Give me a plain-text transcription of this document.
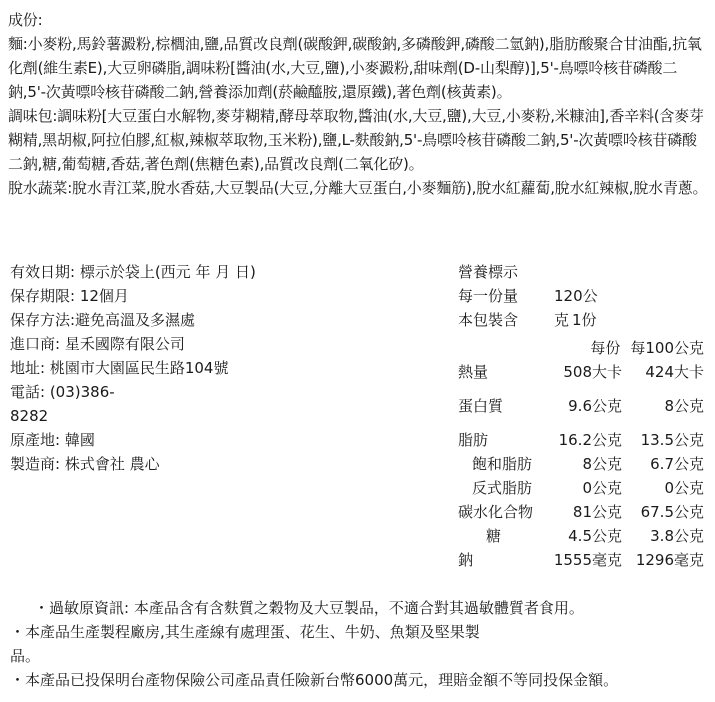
成份:

麵:小麥粉,馬鈴薯澱粉,棕櫚油,鹽,品質改良劑(碳酸鉀,碳酸鈉,多磷酸鉀,磷酸二氫鈉),脂肪酸聚合甘油酯,抗氧化劑(維生素E),大豆卵磷脂,調味粉[醬油(水,大豆,鹽),小麥澱粉,甜味劑(D-山梨醇)],5'-鳥嘌呤核苷磷酸二鈉,5'-次黃嘌呤核苷磷酸二鈉,營養添加劑(菸鹼醯胺,還原鐵),著色劑(核黃素)。

調味包:調味粉[大豆蛋白水解物,麥芽糊精,酵母萃取物,醬油(水,大豆,鹽),大豆,小麥粉,米糠油],香辛料(含麥芽糊精,黑胡椒,阿拉伯膠,紅椒,辣椒萃取物,玉米粉),鹽,L-麩酸鈉,5'-鳥嘌呤核苷磷酸二鈉,5'-次黃嘌呤核苷磷酸二鈉,糖,葡萄糖,香菇,著色劑(焦糖色素),品質改良劑(二氧化矽)。

脫水蔬菜:脫水青江菜,脫水香菇,大豆製品(大豆,分離大豆蛋白,小麥麵筋),脫水紅蘿蔔,脫水紅辣椒,脫水青蔥。

有效日期: 標示於袋上(西元 年 月 日)

保存期限: 12個月

保存方法:避免高溫及多濕處

進口商: 星禾國際有限公司

地址: 桃園市大園區民生路104號

電話: (03)386-

8282

原產地: 韓國

製造商: 株式會社 農心

營養標示
每一份量	120公克
本包裝含	1份
每份 每100公克
熱量	508大卡	424大卡
蛋白質	9.6公克	8公克
脂肪	16.2公克	13.5公克
飽和脂肪	8公克	6.7公克
反式脂肪	0公克	0公克
碳水化合物	81公克	67.5公克
糖	4.5公克	3.8公克
鈉	1555毫克 1296毫克

・過敏原資訊: 本產品含有含麩質之穀物及大豆製品，不適合對其過敏體質者食用。

・本產品生產製程廠房,其生產線有處理蛋、花生、牛奶、魚類及堅果製

品。

・本產品已投保明台產物保險公司產品責任險新台幣6000萬元，理賠金額不等同投保金額。
